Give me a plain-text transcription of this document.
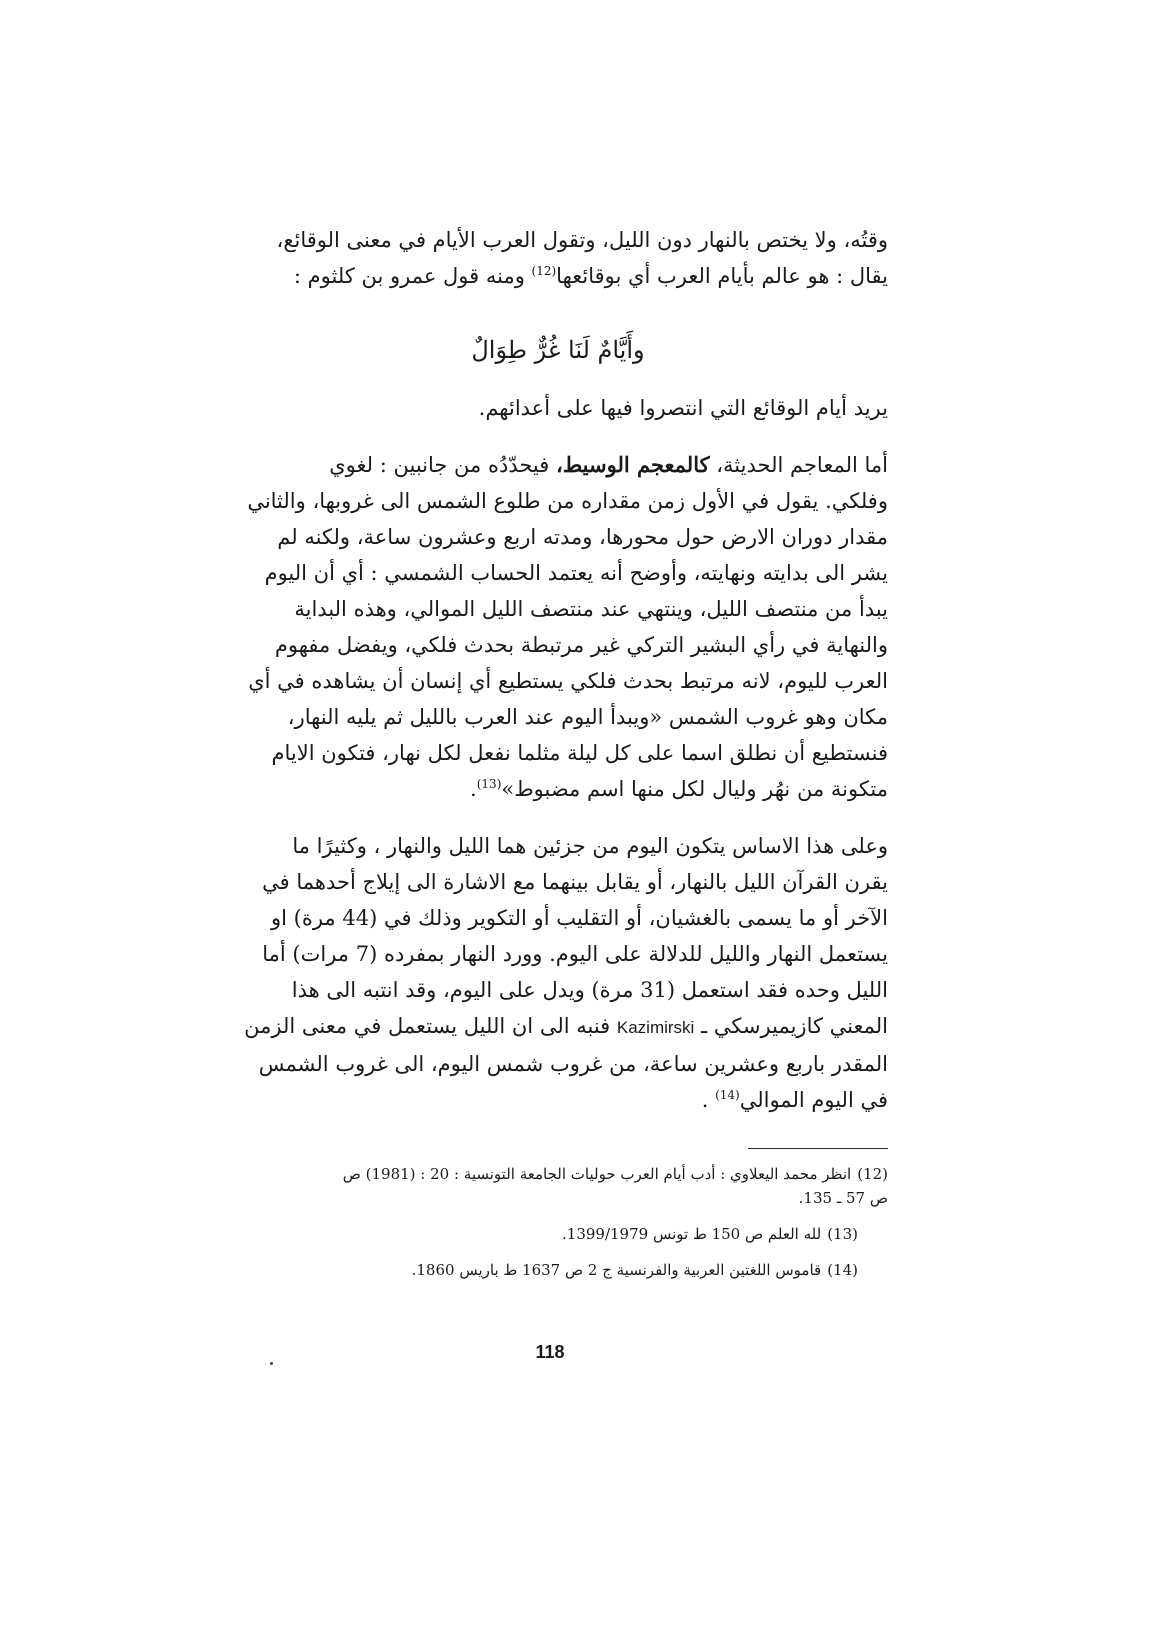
وقتُه، ولا يختص بالنهار دون الليل، وتقول العرب الأيام في معنى الوقائع،
يقال : هو عالم بأيام العرب أي بوقائعها$^{(12)}$ ومنه قول عمرو بن كلثوم :
وأَيَّامٌ لَنَا غُرٌّ طِوَالٌ
يريد أيام الوقائع التي انتصروا فيها على أعدائهم.
أما المعاجم الحديثة، كالمعجم الوسيط، فيحدّدُه من جانبين : لغوي
وفلكي. يقول في الأول زمن مقداره من طلوع الشمس الى غروبها، والثاني
مقدار دوران الارض حول محورها، ومدته اربع وعشرون ساعة، ولكنه لم
يشر الى بدايته ونهايته، وأوضح أنه يعتمد الحساب الشمسي : أي أن اليوم
يبدأ من منتصف الليل، وينتهي عند منتصف الليل الموالي، وهذه البداية
والنهاية في رأي البشير التركي غير مرتبطة بحدث فلكي، ويفضل مفهوم
العرب لليوم، لانه مرتبط بحدث فلكي يستطيع أي إنسان أن يشاهده في أي
مكان وهو غروب الشمس «ويبدأ اليوم عند العرب بالليل ثم يليه النهار،
فنستطيع أن نطلق اسما على كل ليلة مثلما نفعل لكل نهار، فتكون الايام
متكونة من نهُر وليال لكل منها اسم مضبوط»$^{(13)}$.
وعلى هذا الاساس يتكون اليوم من جزئين هما الليل والنهار ، وكثيرًا ما
يقرن القرآن الليل بالنهار، أو يقابل بينهما مع الاشارة الى إيلاج أحدهما في
الآخر أو ما يسمى بالغشيان، أو التقليب أو التكوير وذلك في (44 مرة) او
يستعمل النهار والليل للدلالة على اليوم. وورد النهار بمفرده (7 مرات) أما
الليل وحده فقد استعمل (31 مرة) ويدل على اليوم، وقد انتبه الى هذا
المعني كازيميرسكي ـ Kazimirski فنبه الى ان الليل يستعمل في معنى الزمن
المقدر باربع وعشرين ساعة، من غروب شمس اليوم، الى غروب الشمس
في اليوم الموالي$^{(14)}$ .
(12)انظر محمد اليعلاوي : أدب أيام العرب حوليات الجامعة التونسية : 20 : (1981) ص
ص 57 ـ 135.
(13)لله العلم ص 150 ط تونس 1399/1979.
(14)قاموس اللغتين العربية والفرنسية ج 2 ص 1637 ط باريس 1860.
118
